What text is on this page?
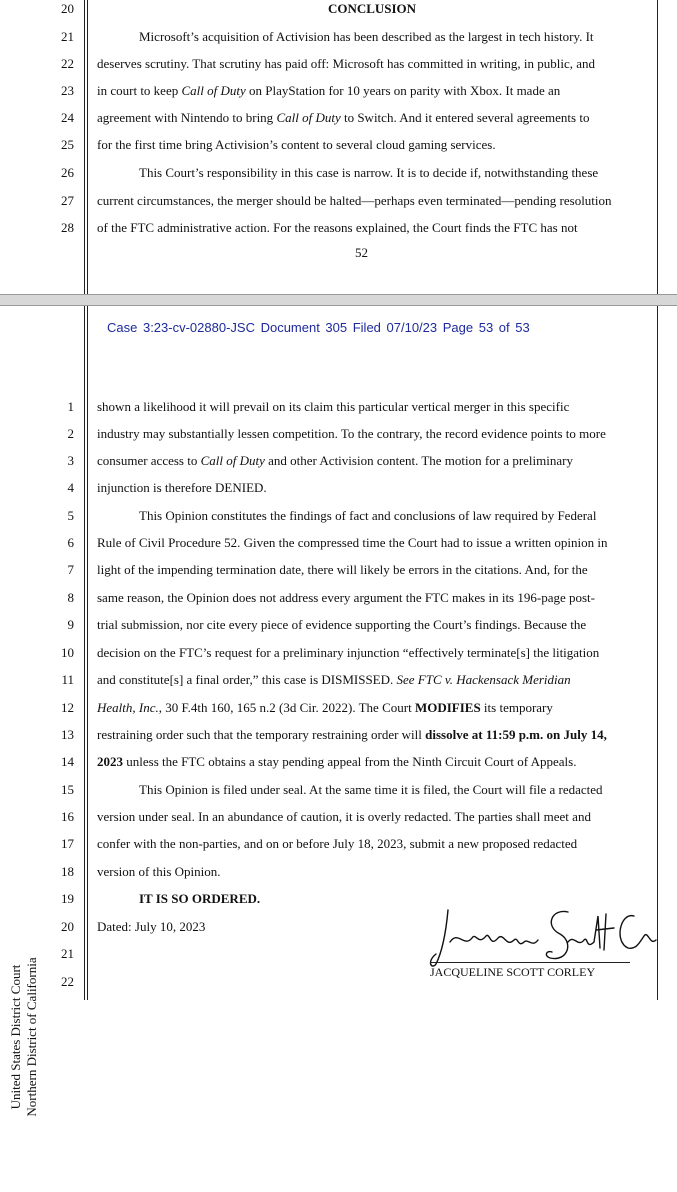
20
21
22
23
24
25
26
27
28
CONCLUSION
Microsoft’s acquisition of Activision has been described as the largest in tech history. It
deserves scrutiny. That scrutiny has paid off: Microsoft has committed in writing, in public, and
in court to keep Call of Duty on PlayStation for 10 years on parity with Xbox. It made an
agreement with Nintendo to bring Call of Duty to Switch. And it entered several agreements to
for the first time bring Activision’s content to several cloud gaming services.
This Court’s responsibility in this case is narrow. It is to decide if, notwithstanding these
current circumstances, the merger should be halted—perhaps even terminated—pending resolution
of the FTC administrative action. For the reasons explained, the Court finds the FTC has not
52
Case 3:23-cv-02880-JSC Document 305 Filed 07/10/23 Page 53 of 53
1
2
3
4
5
6
7
8
9
10
11
12
13
14
15
16
17
18
19
20
21
22
shown a likelihood it will prevail on its claim this particular vertical merger in this specific
industry may substantially lessen competition. To the contrary, the record evidence points to more
consumer access to Call of Duty and other Activision content. The motion for a preliminary
injunction is therefore DENIED.
This Opinion constitutes the findings of fact and conclusions of law required by Federal
Rule of Civil Procedure 52. Given the compressed time the Court had to issue a written opinion in
light of the impending termination date, there will likely be errors in the citations. And, for the
same reason, the Opinion does not address every argument the FTC makes in its 196-page post-
trial submission, nor cite every piece of evidence supporting the Court’s findings. Because the
decision on the FTC’s request for a preliminary injunction “effectively terminate[s] the litigation
and constitute[s] a final order,” this case is DISMISSED. See FTC v. Hackensack Meridian
Health, Inc., 30 F.4th 160, 165 n.2 (3d Cir. 2022). The Court MODIFIES its temporary
restraining order such that the temporary restraining order will dissolve at 11:59 p.m. on July 14,
2023 unless the FTC obtains a stay pending appeal from the Ninth Circuit Court of Appeals.
This Opinion is filed under seal. At the same time it is filed, the Court will file a redacted
version under seal. In an abundance of caution, it is overly redacted. The parties shall meet and
confer with the non-parties, and on or before July 18, 2023, submit a new proposed redacted
version of this Opinion.
IT IS SO ORDERED.
Dated: July 10, 2023
United States District Court Northern District of California	JACQUELINE SCOTT CORLEY
